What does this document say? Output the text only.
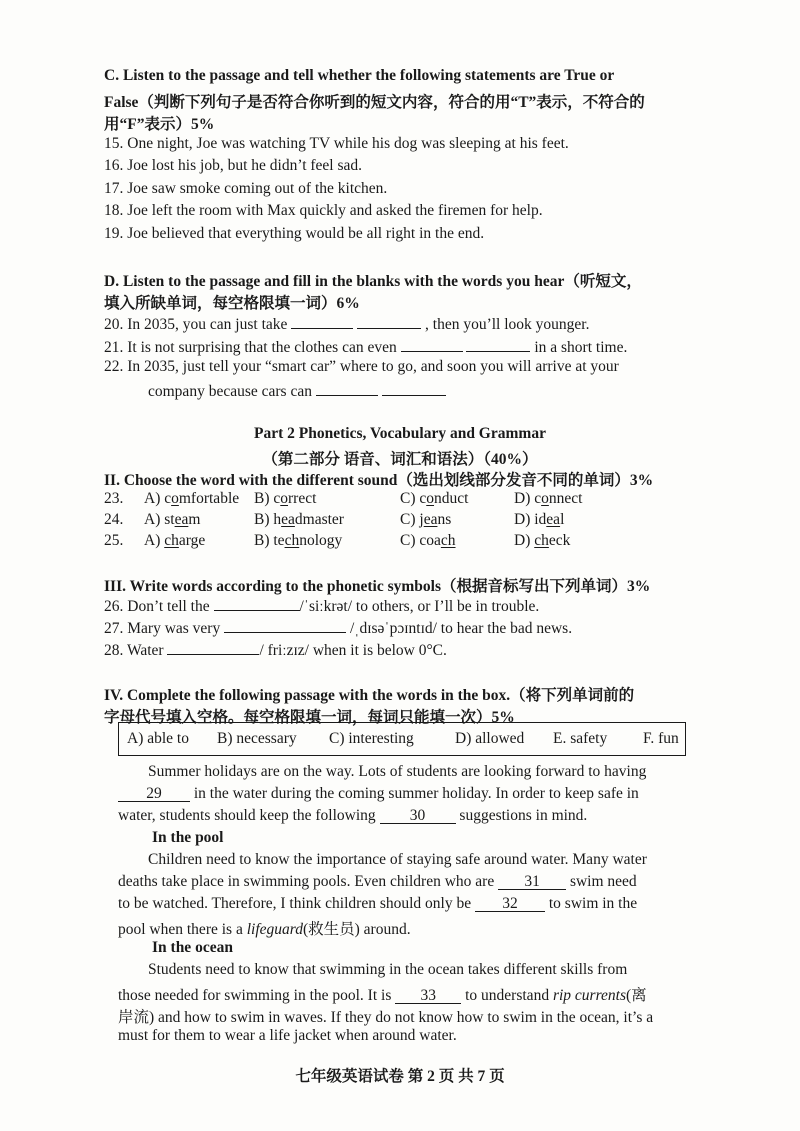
C. Listen to the passage and tell whether the following statements are True or
False（判断下列句子是否符合你听到的短文内容，符合的用“T”表示，不符合的
用“F”表示）5%
15. One night, Joe was watching TV while his dog was sleeping at his feet.
16. Joe lost his job, but he didn’t feel sad.
17. Joe saw smoke coming out of the kitchen.
18. Joe left the room with Max quickly and asked the firemen for help.
19. Joe believed that everything would be all right in the end.
D. Listen to the passage and fill in the blanks with the words you hear（听短文，
填入所缺单词，每空格限填一词）6%
20. In 2035, you can just take	, then you’ll look younger.
21. It is not surprising that the clothes can even	in a short time.
22. In 2035, just tell your “smart car” where to go, and soon you will arrive at your
company because cars can
Part 2 Phonetics, Vocabulary and Grammar
（第二部分 语音、词汇和语法）（40%）
II. Choose the word with the different sound（选出划线部分发音不同的单词）3%
23. A) comfortable B) correct	C) conduct	D) connect
24. A) steam	B) headmaster	C) jeans	D) ideal
25. A) charge	B) technology	C) coach	D) check
III. Write words according to the phonetic symbols（根据音标写出下列单词）3%
26. Don’t tell the	/ˈsiːkrət/ to others, or I’ll be in trouble.
27. Mary was very	/ˌdɪsəˈpɔɪntɪd/ to hear the bad news.
28. Water	/ friːzɪz/ when it is below 0°C.
IV. Complete the following passage with the words in the box.（将下列单词前的
字母代号填入空格。每空格限填一词，每词只能填一次）5%
A) able to B) necessary C) interesting	D) allowed E. safety F. fun
Summer holidays are on the way. Lots of students are looking forward to having
29 in the water during the coming summer holiday. In order to keep safe in
water, students should keep the following 30 suggestions in mind.
In the pool
Children need to know the importance of staying safe around water. Many water
deaths take place in swimming pools. Even children who are 31 swim need
to be watched. Therefore, I think children should only be 32 to swim in the
pool when there is a lifeguard(救生员) around.
In the ocean
Students need to know that swimming in the ocean takes different skills from
those needed for swimming in the pool. It is 33 to understand rip currents(离
岸流) and how to swim in waves. If they do not know how to swim in the ocean, it’s a
must for them to wear a life jacket when around water.
七年级英语试卷 第 2 页 共 7 页
